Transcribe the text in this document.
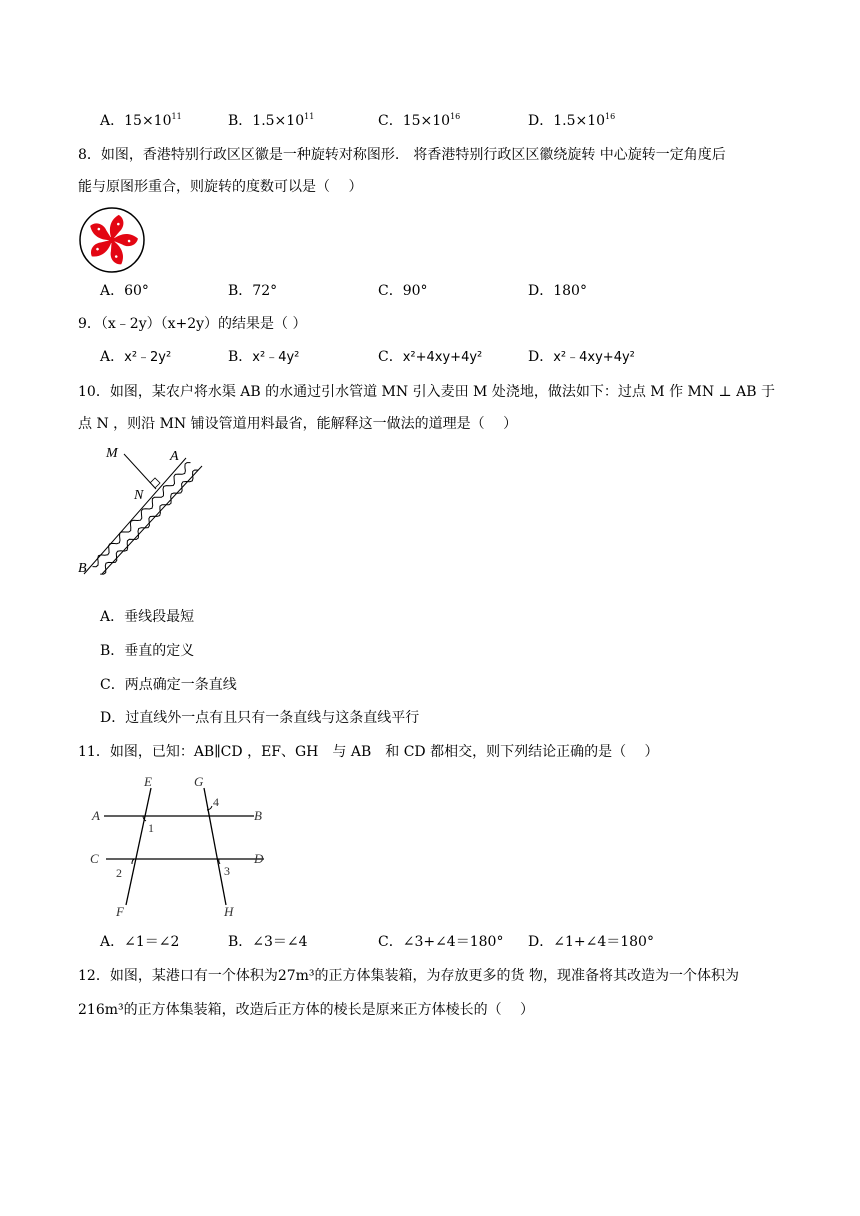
A．$15\times 10^{11}$	B．$1.5\times 10^{11}$	C．$15\times 10^{16}$	D．$1.5\times 10^{16}$
8．如图，香港特别行政区区徽是一种旋转对称图形.　将香港特别行政区区徽绕旋转 中心旋转一定角度后
能与原图形重合，则旋转的度数可以是（　 ）
A．60°	B．72°	C．90°	D．180°
9．（x﹣2y）（x+2y）的结果是（ ）
A．x²﹣2y²	B．x²﹣4y²	C．x²+4xy+4y²	D．x²﹣4xy+4y²
10．如图，某农户将水渠 AB 的水通过引水管道 MN 引入麦田 M 处浇地，做法如下：过点 M 作 MN ⊥ AB 于
点 N ，则沿 MN 铺设管道用料最省，能解释这一做法的道理是（　 ）
M	A
N
B
A．垂线段最短
B．垂直的定义
C．两点确定一条直线
D．过直线外一点有且只有一条直线与这条直线平行
11．如图，已知：AB∥CD ，EF、GH　与 AB　和 CD 都相交，则下列结论正确的是（　 ）
E	G
A	B
C	D
F	H
1
2	3
4
A．∠1＝∠2	B．∠3＝∠4	C．∠3+∠4＝180° D．∠1+∠4＝180°
12．如图，某港口有一个体积为27m³的正方体集装箱，为存放更多的货 物，现准备将其改造为一个体积为
216m³的正方体集装箱，改造后正方体的棱长是原来正方体棱长的（　 ）
